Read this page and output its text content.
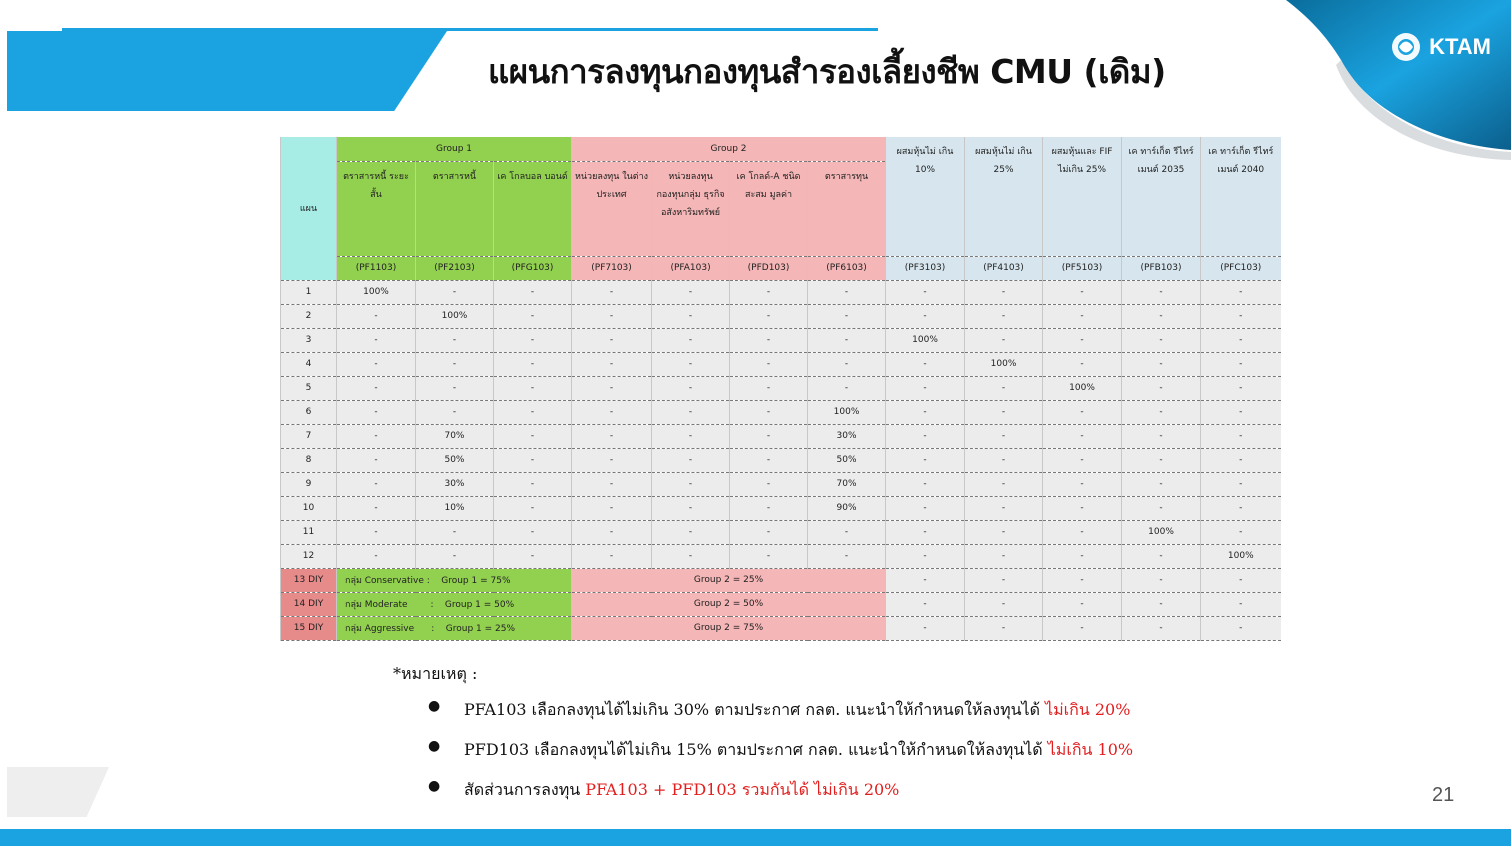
แผนการลงทุนกองทุนสำรองเลี้ยงชีพ CMU (เดิม)
KTAM
แผน	Group 1			Group 2				ผสมหุ้นไม่ เกิน 10%	ผสมหุ้นไม่ เกิน 25%	ผสมหุ้นและ FIF ไม่เกิน 25%	เค ทาร์เก็ต รีไทร์เมนต์ 2035	เค ทาร์เก็ต รีไทร์เมนต์ 2040
	ตราสารหนี้ ระยะสั้น	ตราสารหนี้	เค โกลบอล บอนด์	หน่วยลงทุน ในต่าง ประเทศ	หน่วยลงทุน กองทุนกลุ่ม ธุรกิจ อสังหาริมทรัพย์	เค โกลด์-A ชนิดสะสม มูลค่า	ตราสารทุน					
	(PF1103)	(PF2103)	(PFG103)	(PF7103)	(PFA103)	(PFD103)	(PF6103)	(PF3103)	(PF4103)	(PF5103)	(PFB103)	(PFC103)
1	100%	-	-	-	-	-	-	-	-	-	-	-
2	-	100%	-	-	-	-	-	-	-	-	-	-
3	-	-	-	-	-	-	-	100%	-	-	-	-
4	-	-	-	-	-	-	-	-	100%	-	-	-
5	-	-	-	-	-	-	-	-	-	100%	-	-
6	-	-	-	-	-	-	100%	-	-	-	-	-
7	-	70%	-	-	-	-	30%	-	-	-	-	-
8	-	50%	-	-	-	-	50%	-	-	-	-	-
9	-	30%	-	-	-	-	70%	-	-	-	-	-
10	-	10%	-	-	-	-	90%	-	-	-	-	-
11	-	-	-	-	-	-	-	-	-	-	100%	-
12	-	-	-	-	-	-	-	-	-	-	-	100%
13 DIY	กลุ่ม Conservative :    Group 1 = 75%			Group 2 = 25%				-	-	-	-	-
14 DIY	กลุ่ม Moderate        :    Group 1 = 50%			Group 2 = 50%				-	-	-	-	-
15 DIY	กลุ่ม Aggressive      :    Group 1 = 25%			Group 2 = 75%				-	-	-	-	-
*หมายเหตุ :
●	PFA103 เลือกลงทุนได้ไม่เกิน 30% ตามประกาศ กลต. แนะนำให้กำหนดให้ลงทุนได้ ไม่เกิน 20%
●	PFD103 เลือกลงทุนได้ไม่เกิน 15% ตามประกาศ กลต. แนะนำให้กำหนดให้ลงทุนได้ ไม่เกิน 10%
●	สัดส่วนการลงทุน PFA103 + PFD103 รวมกันได้ ไม่เกิน 20%	21
